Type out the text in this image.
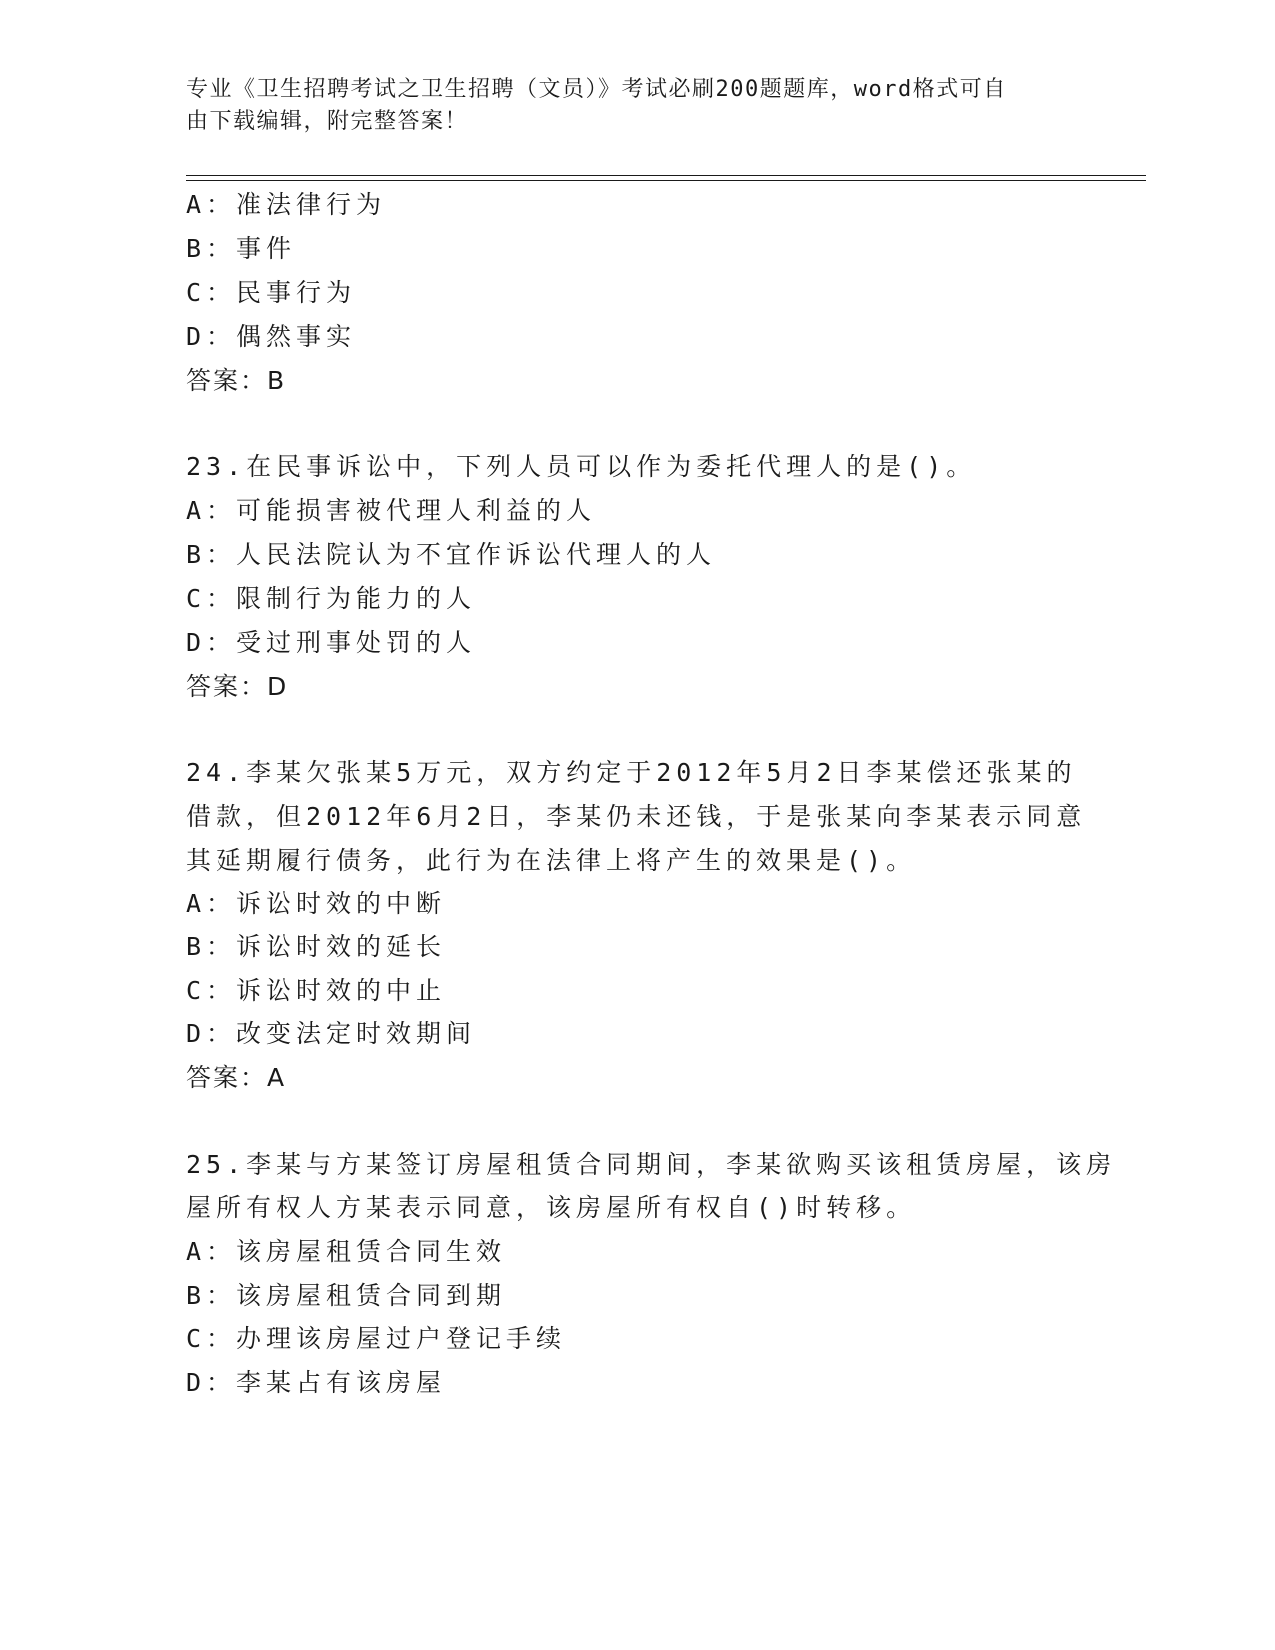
专业《卫生招聘考试之卫生招聘（文员）》考试必刷200题题库，word格式可自
由下载编辑，附完整答案！
A：准法律行为
B：事件
C：民事行为
D：偶然事实
答案：B
23.在民事诉讼中，下列人员可以作为委托代理人的是()。
A：可能损害被代理人利益的人
B：人民法院认为不宜作诉讼代理人的人
C：限制行为能力的人
D：受过刑事处罚的人
答案：D
24.李某欠张某5万元，双方约定于2012年5月2日李某偿还张某的
借款，但2012年6月2日，李某仍未还钱，于是张某向李某表示同意
其延期履行债务，此行为在法律上将产生的效果是()。
A：诉讼时效的中断
B：诉讼时效的延长
C：诉讼时效的中止
D：改变法定时效期间
答案：A
25.李某与方某签订房屋租赁合同期间，李某欲购买该租赁房屋，该房
屋所有权人方某表示同意，该房屋所有权自()时转移。
A：该房屋租赁合同生效
B：该房屋租赁合同到期
C：办理该房屋过户登记手续
D：李某占有该房屋
